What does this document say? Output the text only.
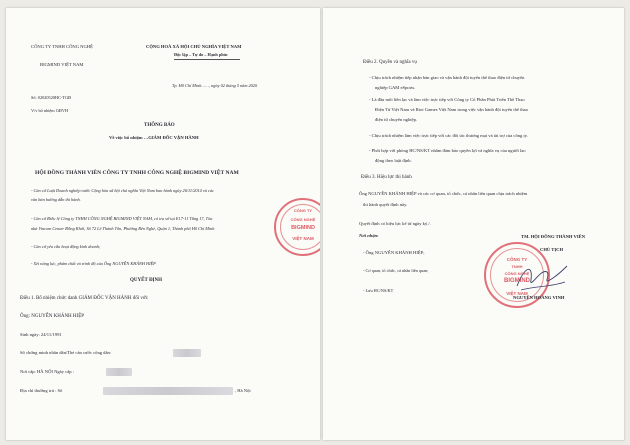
CÔNG TY TNHH CÔNG NGHỆ
BIGMIND VIỆT NAM
CỘNG HOÀ XÃ HỘI CHỦ NGHĨA VIỆT NAM
Độc lập – Tự do – Hạnh phúc
Tp. Hồ Chí Minh……, ngày 02 tháng 5 năm 2020
Số: 02020520HC-TGĐ
V/v bổ nhiệm GĐVH
THÔNG BÁO
Về việc bổ nhiệm …GIÁM ĐỐC VẬN HÀNH
HỘI ĐỒNG THÀNH VIÊN CÔNG TY TNHH CÔNG NGHỆ BIGMIND VIỆT NAM
- Căn cứ Luật Doanh nghiệp nước Cộng hòa xã hội chủ nghĩa Việt Nam ban hành ngày 26/11/2014 và các
văn bản hướng dẫn thi hành.
- Căn cứ Điều lệ Công ty TNHH CÔNG NGHỆ BIGMIND VIỆT NAM, có trụ sở tại E17-11 Tầng 17, Tòa
nhà Vincom Center Đồng Khởi, Số 72 Lê Thánh Tôn, Phường Bến Nghé, Quận 1, Thành phố Hồ Chí Minh
- Căn cứ yêu cầu hoạt động kinh doanh;
- Xét năng lực, phẩm chất và trình độ của Ông NGUYỄN KHÁNH HIỆP
QUYẾT ĐỊNH
Điều 1. Bổ nhiệm chức danh GIÁM ĐỐC VẬN HÀNH đối với:
Ông: NGUYỄN KHÁNH HIỆP
Sinh ngày: 24/11/1991
Số chứng minh nhân dân/Thẻ căn cước công dân:
Nơi cấp: HÀ NỘI Ngày cấp :
Địa chỉ thường trú : Số	, Hà Nội
CÔNG TY
CÔNG NGHỆ
BIGMIND
VIỆT NAM
Điều 2. Quyền và nghĩa vụ
- Chịu trách nhiệm tiếp nhận bàn giao và vận hành đội tuyển thể thao điện tử chuyên
nghiệp GAM eSports.
- Là đầu mối liên lạc và làm việc trực tiếp với Công ty Cổ Phần Phát Triển Thể Thao
Điện Tử Việt Nam và Riot Games Việt Nam trong việc vận hành đội tuyển thể thao
điện tử chuyên nghiệp.
- Chịu trách nhiệm làm việc trực tiếp với các đối tác thương mại và tài trợ của công ty.
- Phối hợp với phòng HC/NS/KT nhằm đảm bảo quyền lợi và nghĩa vụ của người lao
động theo luật định.
Điều 3. Hiệu lực thi hành
Ông NGUYỄN KHÁNH HIỆP và các cơ quan, tổ chức, cá nhân liên quan chịu trách nhiệm
thi hành quyết định này.
Quyết định có hiệu lực kể từ ngày ký./.
Nơi nhận:
- Ông NGUYỄN KHÁNH HIỆP;
- Cơ quan, tổ chức, cá nhân liên quan;
- Lưu HC/NS/KT
TM. HỘI ĐỒNG THÀNH VIÊN
CHỦ TỊCH
CÔNG TY
TNHH
CÔNG NGHỆ
BIGMIND
VIỆT NAM
NGUYỄN HOÀNG VINH
